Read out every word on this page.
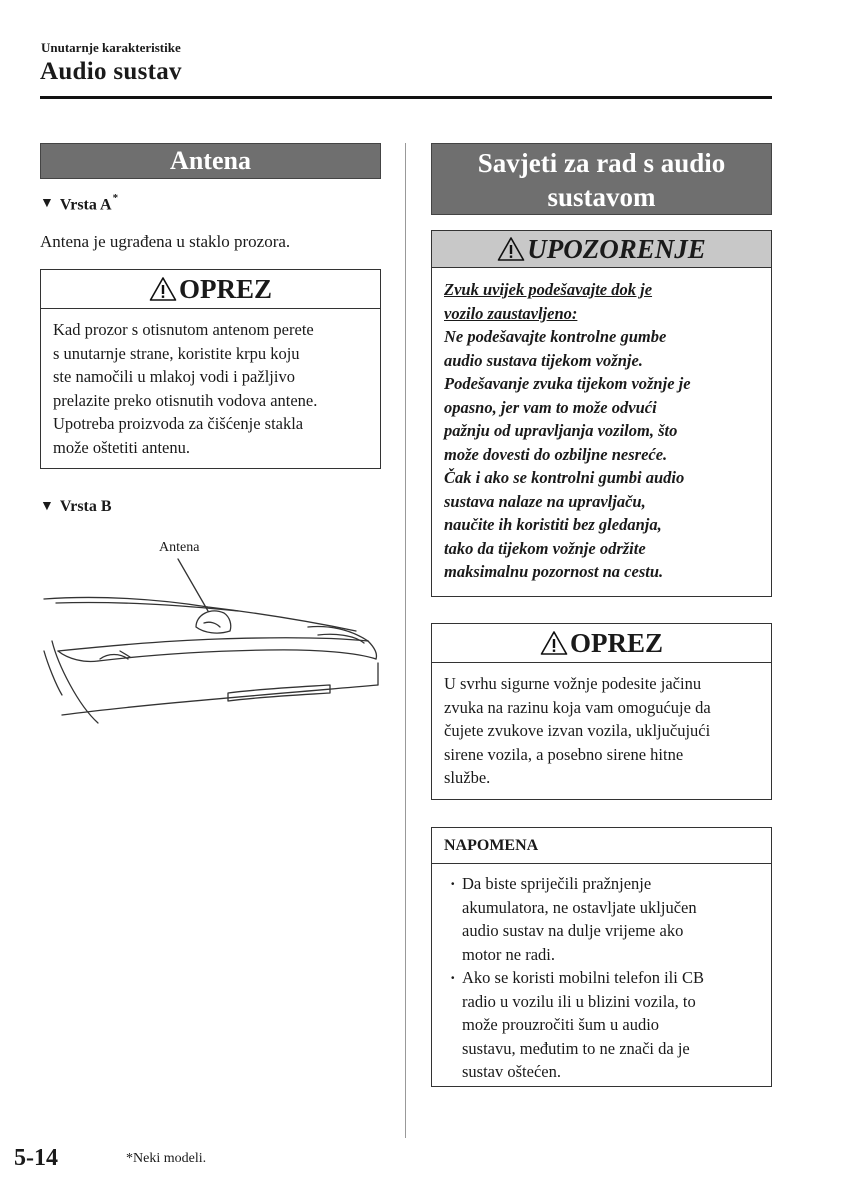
Unutarnje karakteristike
Audio sustav
Antena
▼ Vrsta A*
Antena je ugrađena u staklo prozora.
OPREZ
Kad prozor s otisnutom antenom perete
s unutarnje strane, koristite krpu koju
ste namočili u mlakoj vodi i pažljivo
prelazite preko otisnutih vodova antene.
Upotreba proizvoda za čišćenje stakla
može oštetiti antenu.
▼ Vrsta B
Antena
Savjeti za rad s audio
sustavom
UPOZORENJE
Zvuk uvijek podešavajte dok je
vozilo zaustavljeno:
Ne podešavajte kontrolne gumbe
audio sustava tijekom vožnje.
Podešavanje zvuka tijekom vožnje je
opasno, jer vam to može odvući
pažnju od upravljanja vozilom, što
može dovesti do ozbiljne nesreće.
Čak i ako se kontrolni gumbi audio
sustava nalaze na upravljaču,
naučite ih koristiti bez gledanja,
tako da tijekom vožnje održite
maksimalnu pozornost na cestu.
OPREZ
U svrhu sigurne vožnje podesite jačinu
zvuka na razinu koja vam omogućuje da
čujete zvukove izvan vozila, uključujući
sirene vozila, a posebno sirene hitne
službe.
NAPOMENA
· Da biste spriječili pražnjenje
akumulatora, ne ostavljate uključen
audio sustav na dulje vrijeme ako
motor ne radi.
· Ako se koristi mobilni telefon ili CB
radio u vozilu ili u blizini vozila, to
može prouzročiti šum u audio
sustavu, međutim to ne znači da je
sustav oštećen.
5-14	*Neki modeli.
